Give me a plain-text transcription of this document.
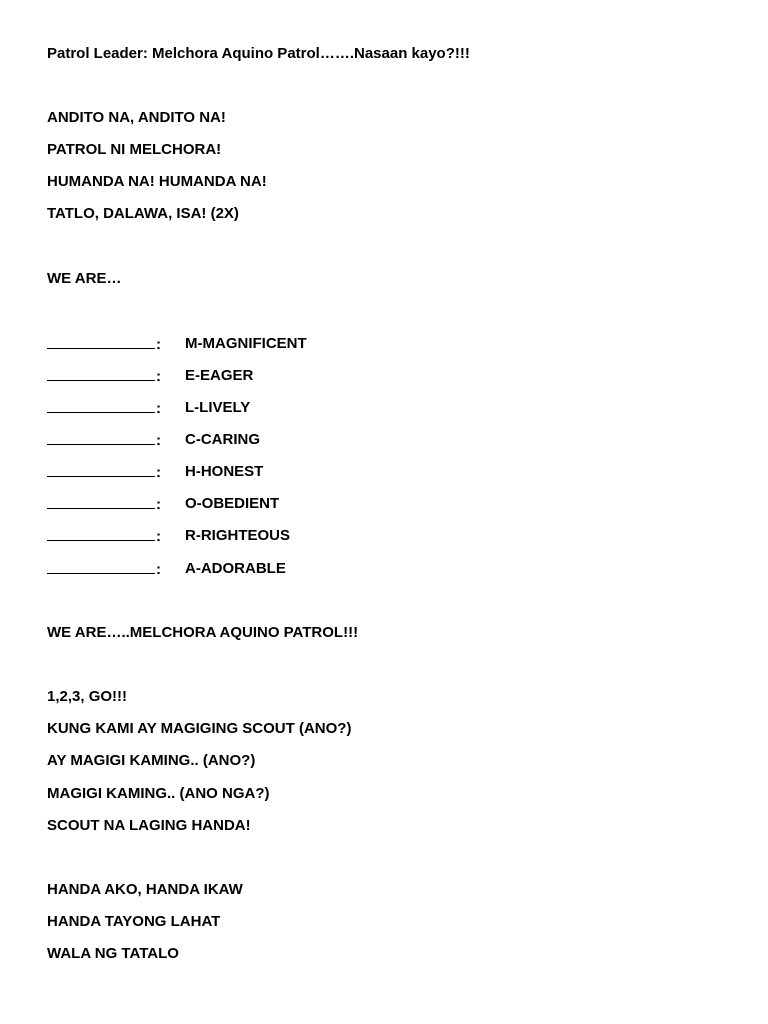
Patrol Leader: Melchora Aquino Patrol…….Nasaan kayo?!!!
ANDITO NA, ANDITO NA!
PATROL NI MELCHORA!
HUMANDA NA! HUMANDA NA!
TATLO, DALAWA, ISA! (2X)
WE ARE…
: M-MAGNIFICENT
: E-EAGER
: L-LIVELY
: C-CARING
: H-HONEST
: O-OBEDIENT
: R-RIGHTEOUS
: A-ADORABLE
WE ARE…..MELCHORA AQUINO PATROL!!!
1,2,3, GO!!!
KUNG KAMI AY MAGIGING SCOUT (ANO?)
AY MAGIGI KAMING.. (ANO?)
MAGIGI KAMING.. (ANO NGA?)
SCOUT NA LAGING HANDA!
HANDA AKO, HANDA IKAW
HANDA TAYONG LAHAT
WALA NG TATALO
